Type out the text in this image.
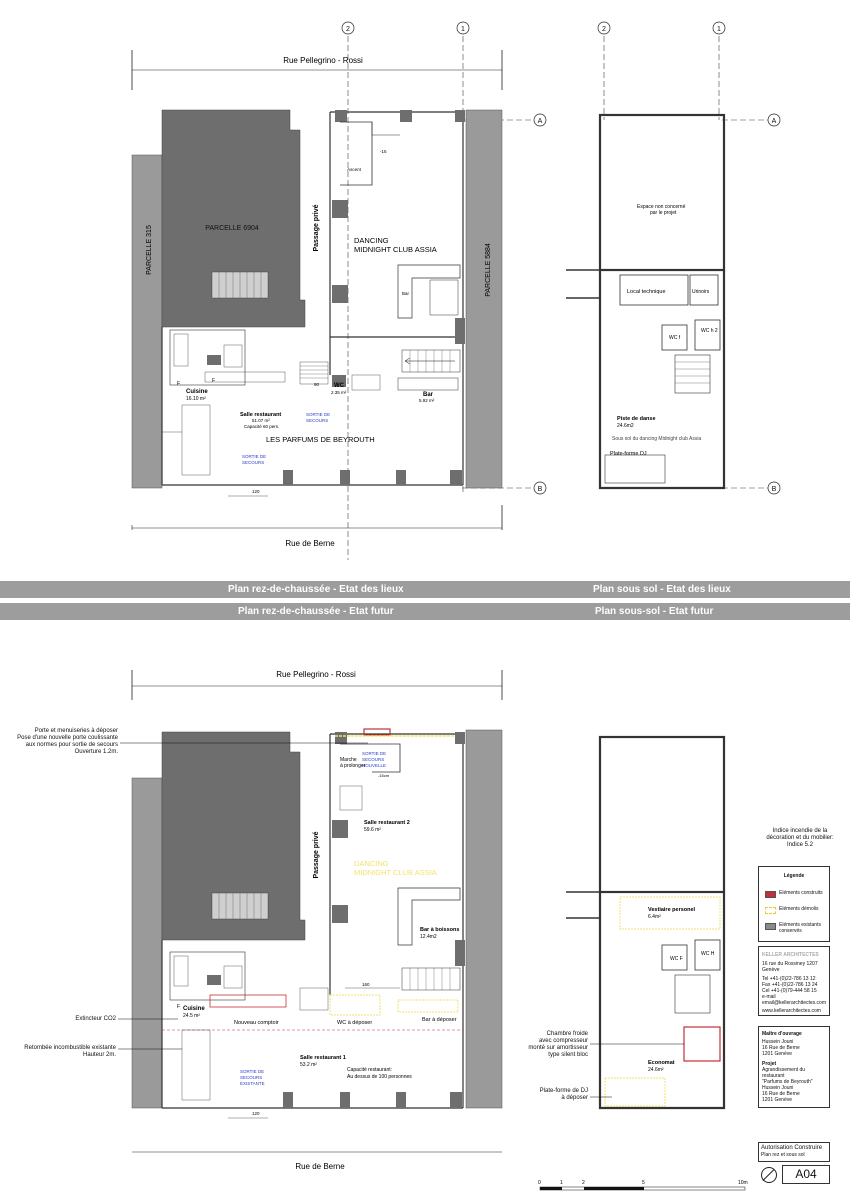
2	1	2	1
A	A
B	B
Rue Pellegrino - Rossi
Rue de Berne
PARCELLE 315	PARCELLE 5884
PARCELLE 6904	Passage privé
Ascent
-15
DANCING
MIDNIGHT CLUB ASSIA
Bar
F	F
Cuisine
16.10 m²
90 WC
2.35 m²	Bar
5.92 m²
Salle restaurant
51.07 m²
Capacité 60 pers.
SORTIE DE
SECOURS
LES PARFUMS DE BEYROUTH
SORTIE DE
SECOURS
120
Espace non concerné
par le projet
Local technique	Urinoirs
WC h 2
WC f
Piste de danse
24.6m2
Sous sol du dancing Midnight club Assia
Plate-forme DJ
Rue Pellegrino - Rossi
Rue de Berne
Passage privé
Marche
à prolonger
SORTIE DE
SECOURS
NOUVELLE
-15cm
Salle restaurant 2
59.6 m²
DANCING
MIDNIGHT CLUB ASSIA
Bar à boissons
12.4m2
160
F Cuisine
24.5 m²
Nouveau comptoir	WC à déposer	Bar à déposer
Salle restaurant 1
53.2 m²
Capacité restaurant:
Au dessus de 100 personnes
SORTIE DE
SECOURS
EXISTANTE
120
Vestiaire personel
6.4m²
WC H
WC F
Economat
24.6m²
0	1	2	5	10m
Plan rez-de-chaussée - Etat des lieux	Plan sous sol - Etat des lieux
Plan rez-de-chaussée - Etat futur	Plan sous-sol - Etat futur
Porte et menuiseries à déposer
Pose d'une nouvelle porte coulissante
aux normes pour sortie de secours
Ouverture 1.2m.
Extincteur CO2
Retombée incombustible existante
Hauteur 2m.
Chambre froide
avec compresseur
monté sur amortisseur
type silent bloc
Plate-forme de DJ
à déposer
Indice incendie de la
décoration et du mobilier:
Indice 5.2
Légende
Eléments construits
Eléments démolis
Eléments existants conservés
KELLER ARCHITECTES
16 rue du Rossiney 1207 Genève
Tel +41-(0)22-786 13 12
Fax +41-(0)22-786 13 24
Cel +41-(0)79-444 58 15
e-mail
email@kellerarchitectes.com
www.kellerarchitectes.com
Maître d'ouvrage
Hussein Jouni
16 Rue de Berne
1201 Genève
Projet
Agrandissement du restaurant
"Parfums de Beyrouth"
Hussein Jouni
16 Rue de Berne
1201 Genève
Autorisation Construire
Plan rez et sous sol
A04
